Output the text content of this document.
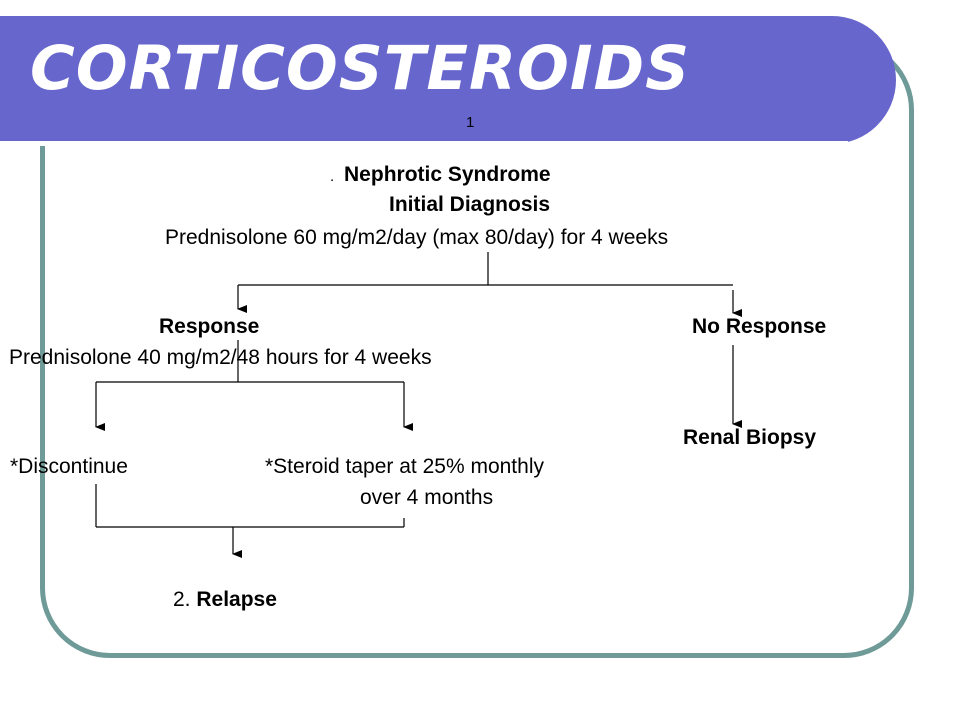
CORTICOSTEROIDS
1
. Nephrotic Syndrome
Initial Diagnosis
Prednisolone 60 mg/m2/day (max 80/day) for 4 weeks
Response
Prednisolone 40 mg/m2/48 hours for 4 weeks
No Response
Renal Biopsy
*Discontinue	*Steroid taper at 25% monthly
over 4 months
2. Relapse
